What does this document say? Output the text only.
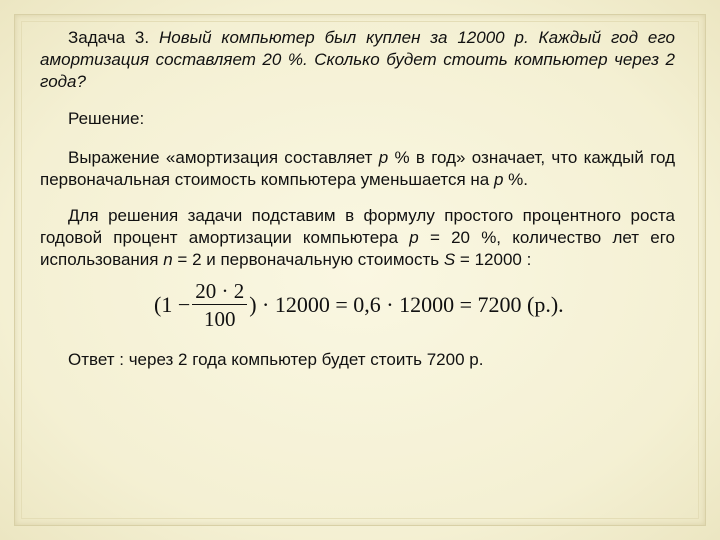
Задача 3. Новый компьютер был куплен за 12000 р. Каждый год его амортизация составляет 20 %. Сколько будет стоить компьютер через 2 года?
Решение:
Выражение «амортизация составляет p % в год» означает, что каждый год первоначальная стоимость компьютера уменьшается на p %.
Для решения задачи подставим в формулу простого процентного роста годовой процент амортизации компьютера p = 20 %, количество лет его использования n = 2 и первоначальную стоимость S = 12000 :
($1 - \frac{20 \cdot 2}{100}$ ) · 12000 = 0,6 · 12000 = 7200 (р.).
Ответ : через 2 года компьютер будет стоить 7200 р.
